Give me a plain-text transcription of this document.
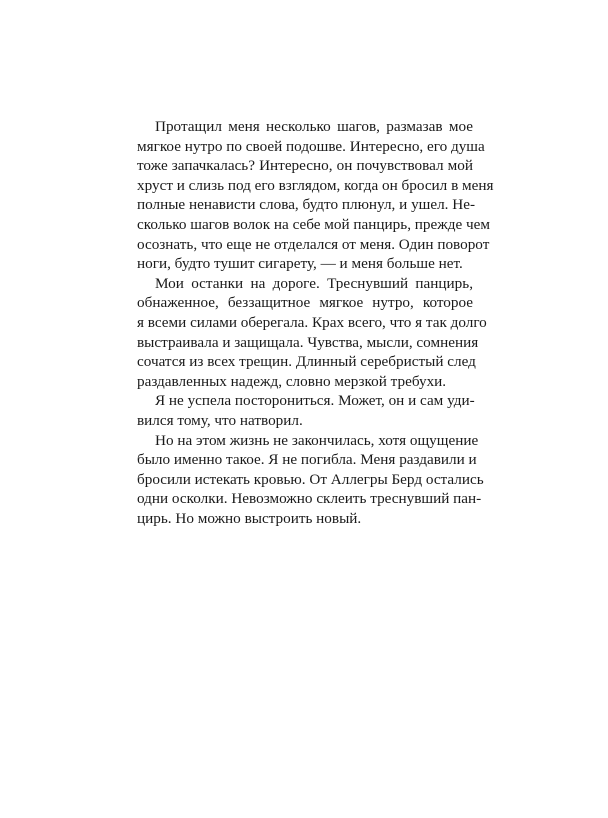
Протащил меня несколько шагов, размазав мое
мягкое нутро по своей подошве. Интересно, его душа
тоже запачкалась? Интересно, он почувствовал мой
хруст и слизь под его взглядом, когда он бросил в меня
полные ненависти слова, будто плюнул, и ушел. Не-
сколько шагов волок на себе мой панцирь, прежде чем
осознать, что еще не отделался от меня. Один поворот
ноги, будто тушит сигарету, — и меня больше нет.
Мои останки на дороге. Треснувший панцирь,
обнаженное, беззащитное мягкое нутро, которое
я всеми силами оберегала. Крах всего, что я так долго
выстраивала и защищала. Чувства, мысли, сомнения
сочатся из всех трещин. Длинный серебристый след
раздавленных надежд, словно мерзкой требухи.
Я не успела посторониться. Может, он и сам уди-
вился тому, что натворил.
Но на этом жизнь не закончилась, хотя ощущение
было именно такое. Я не погибла. Меня раздавили и
бросили истекать кровью. От Аллегры Берд остались
одни осколки. Невозможно склеить треснувший пан-
цирь. Но можно выстроить новый.
